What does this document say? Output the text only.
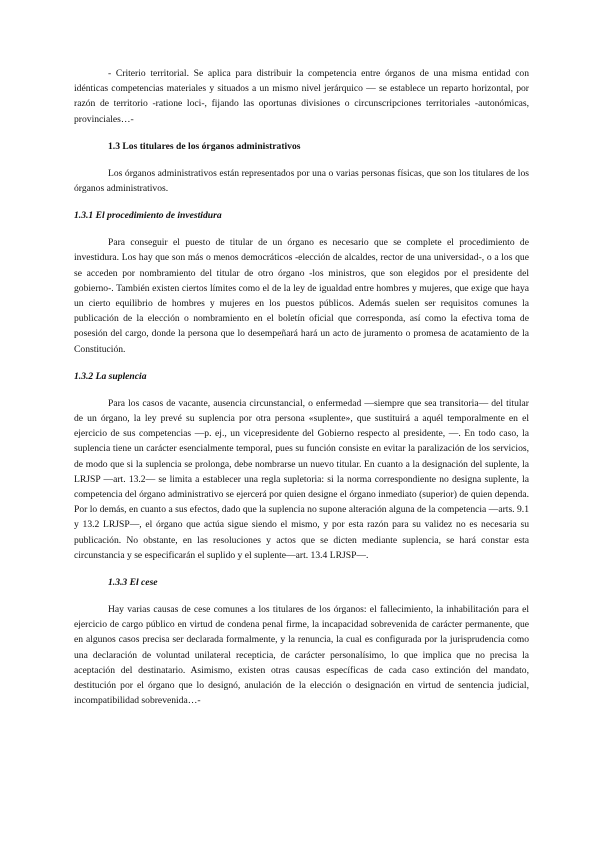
- Criterio territorial. Se aplica para distribuir la competencia entre órganos de una misma entidad con idénticas competencias materiales y situados a un mismo nivel jerárquico — se establece un reparto horizontal, por razón de territorio -ratione loci-, fijando las oportunas divisiones o circunscripciones territoriales -autonómicas, provinciales…-

1.3 Los titulares de los órganos administrativos

Los órganos administrativos están representados por una o varias personas físicas, que son los titulares de los órganos administrativos.

1.3.1 El procedimiento de investidura

Para conseguir el puesto de titular de un órgano es necesario que se complete el procedimiento de investidura. Los hay que son más o menos democráticos -elección de alcaldes, rector de una universidad-, o a los que se acceden por nombramiento del titular de otro órgano -los ministros, que son elegidos por el presidente del gobierno-. También existen ciertos límites como el de la ley de igualdad entre hombres y mujeres, que exige que haya un cierto equilibrio de hombres y mujeres en los puestos públicos. Además suelen ser requisitos comunes la publicación de la elección o nombramiento en el boletín oficial que corresponda, así como la efectiva toma de posesión del cargo, donde la persona que lo desempeñará hará un acto de juramento o promesa de acatamiento de la Constitución.

1.3.2 La suplencia

Para los casos de vacante, ausencia circunstancial, o enfermedad —siempre que sea transitoria— del titular de un órgano, la ley prevé su suplencia por otra persona «suplente», que sustituirá a aquél temporalmente en el ejercicio de sus competencias —p. ej., un vicepresidente del Gobierno respecto al presidente, —. En todo caso, la suplencia tiene un carácter esencialmente temporal, pues su función consiste en evitar la paralización de los servicios, de modo que si la suplencia se prolonga, debe nombrarse un nuevo titular. En cuanto a la designación del suplente, la LRJSP —art. 13.2— se limita a establecer una regla supletoria: si la norma correspondiente no designa suplente, la competencia del órgano administrativo se ejercerá por quien designe el órgano inmediato (superior) de quien dependa. Por lo demás, en cuanto a sus efectos, dado que la suplencia no supone alteración alguna de la competencia —arts. 9.1 y 13.2 LRJSP—, el órgano que actúa sigue siendo el mismo, y por esta razón para su validez no es necesaria su publicación. No obstante, en las resoluciones y actos que se dicten mediante suplencia, se hará constar esta circunstancia y se especificarán el suplido y el suplente—art. 13.4 LRJSP—.

1.3.3 El cese

Hay varias causas de cese comunes a los titulares de los órganos: el fallecimiento, la inhabilitación para el ejercicio de cargo público en virtud de condena penal firme, la incapacidad sobrevenida de carácter permanente, que en algunos casos precisa ser declarada formalmente, y la renuncia, la cual es configurada por la jurisprudencia como una declaración de voluntad unilateral recepticia, de carácter personalísimo, lo que implica que no precisa la aceptación del destinatario. Asimismo, existen otras causas específicas de cada caso extinción del mandato, destitución por el órgano que lo designó, anulación de la elección o designación en virtud de sentencia judicial, incompatibilidad sobrevenida…-
